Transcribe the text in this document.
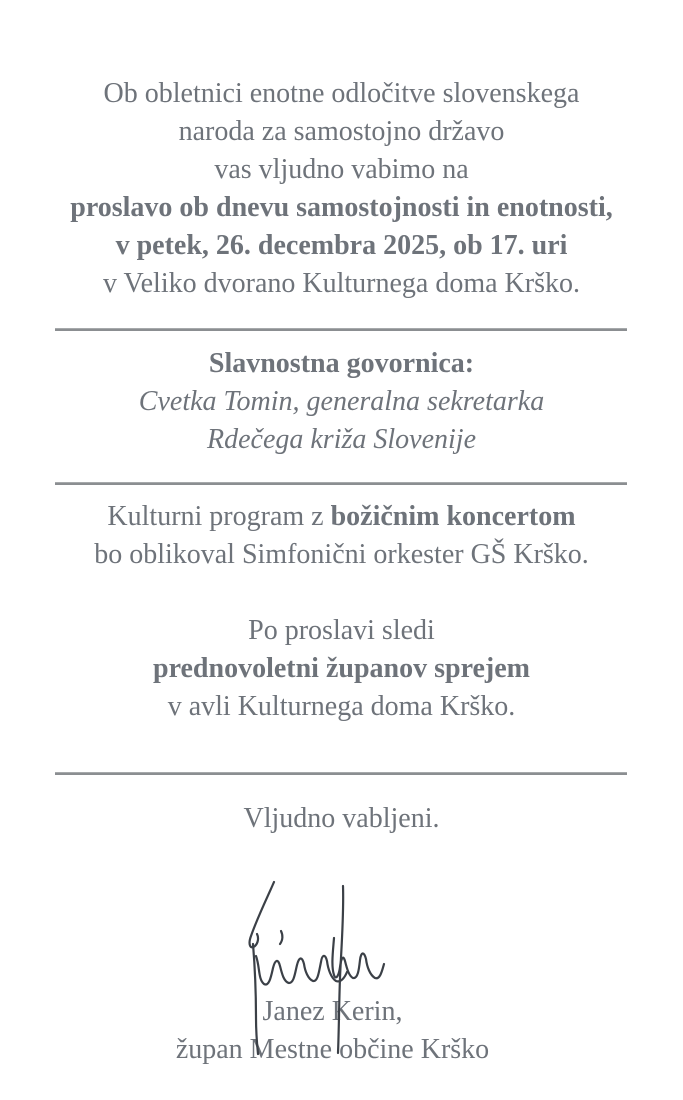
Ob obletnici enotne odločitve slovenskega
naroda za samostojno državo
vas vljudno vabimo na
proslavo ob dnevu samostojnosti in enotnosti,
v petek, 26. decembra 2025, ob 17. uri
v Veliko dvorano Kulturnega doma Krško.
Slavnostna govornica:
Cvetka Tomin, generalna sekretarka
Rdečega križa Slovenije
Kulturni program z božičnim koncertom
bo oblikoval Simfonični orkester GŠ Krško.
Po proslavi sledi
prednovoletni županov sprejem
v avli Kulturnega doma Krško.
Vljudno vabljeni.
Janez Kerin,
župan Mestne občine Krško
